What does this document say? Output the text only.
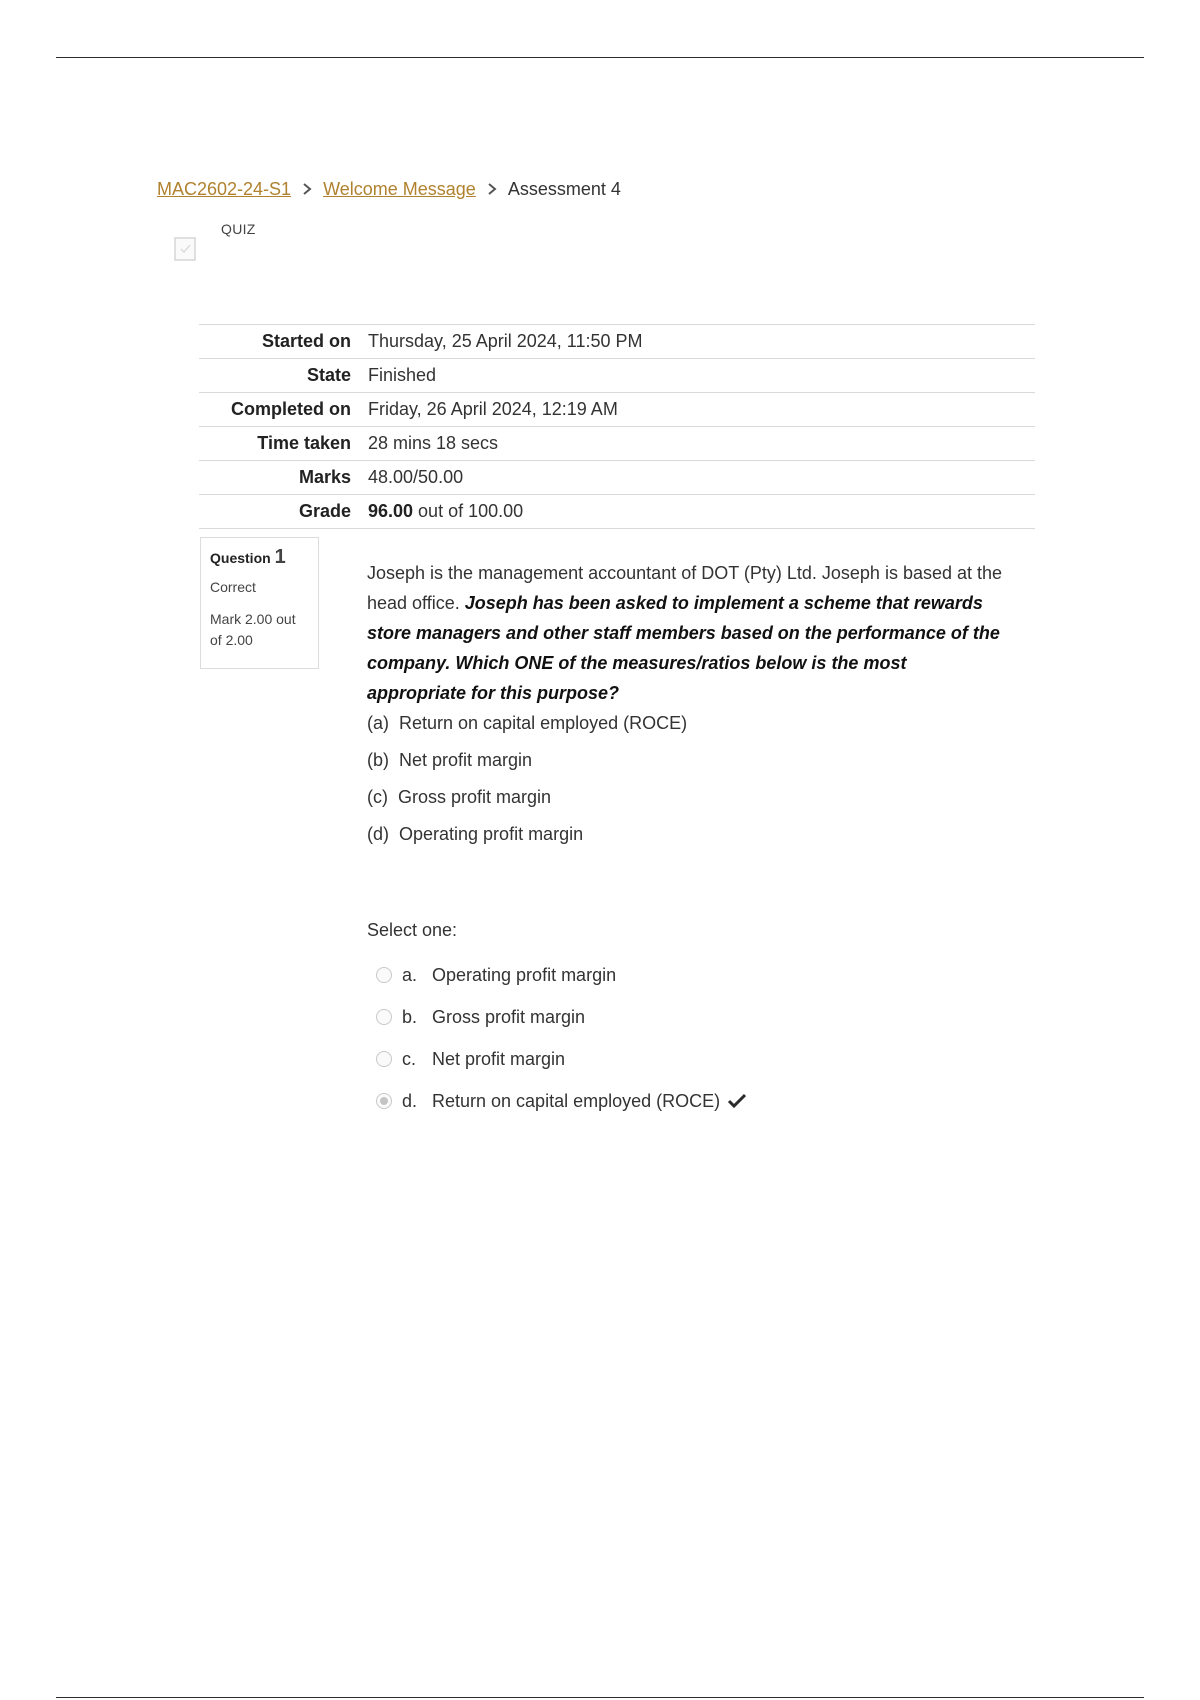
MAC2602-24-S1 Welcome Message Assessment 4
QUIZ
Started on	Thursday, 25 April 2024, 11:50 PM
State	Finished
Completed on	Friday, 26 April 2024, 12:19 AM
Time taken	28 mins 18 secs
Marks	48.00/50.00
Grade	96.00 out of 100.00
Question 1
Correct
Mark 2.00 out of 2.00
Joseph is the management accountant of DOT (Pty) Ltd. Joseph is based at the head office. Joseph has been asked to implement a scheme that rewards store managers and other staff members based on the performance of the company. Which ONE of the measures/ratios below is the most appropriate for this purpose?
(a) Return on capital employed (ROCE)
(b) Net profit margin
(c) Gross profit margin
(d) Operating profit margin
Select one:
a. Operating profit margin
b. Gross profit margin
c. Net profit margin
d. Return on capital employed (ROCE)
